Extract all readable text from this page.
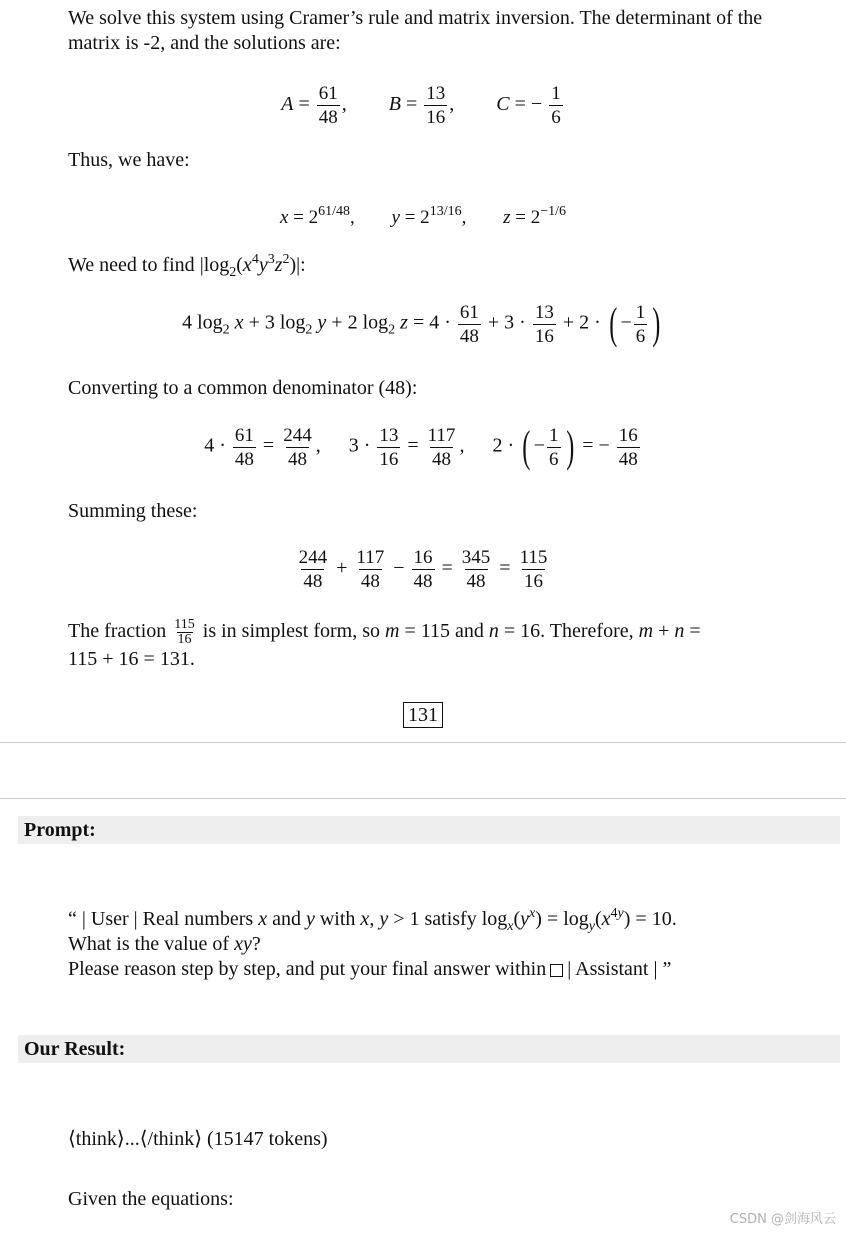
We solve this system using Cramer’s rule and matrix inversion. The determinant of the matrix is -2, and the solutions are:
$A = \frac{61}{48}$ ,  $B = \frac{13}{16}$ ,  C = − $\frac{1}{6}$
Thus, we have:
$x = 2^{61/48}$, $y = 2^{13/16}$, $z = 2^{-1/6}$
We need to find $|\log_2(x^4y^3z^2)|$:
4 $\log_2 x + 3$ $\log_2 y + 2$ $\log_2 z = 4 \cdot \frac{61}{48} + 3 \cdot \frac{13}{16} + 2$ · ( − $\frac{1}{6}$ )
Converting to a common denominator (48):
$4 \cdot \frac{61}{48} = \frac{244}{48}$ ,  $3 \cdot \frac{13}{16} = \frac{117}{48}$ ,  2 · ( − $\frac{1}{6}$ ) = − $\frac{16}{48}$
Summing these:
$\frac{244}{48} + \frac{117}{48} - \frac{16}{48} = \frac{345}{48} = \frac{115}{16}$
The fraction $\frac{115}{16}$ is in simplest form, so m = 115 and n = 16. Therefore, m + n =
115 + 16 = 131.
131
Prompt:
“ | User | Real numbers x and y with x, y > 1 satisfy $\log_x(y^x) = \log_y(x^{4y}) = 10$.
What is the value of xy?
Please reason step by step, and put your final answer within | Assistant | ”
Our Result:
⟨think⟩...⟨/think⟩ (15147 tokens)
Given the equations:
CSDN @剑海风云
